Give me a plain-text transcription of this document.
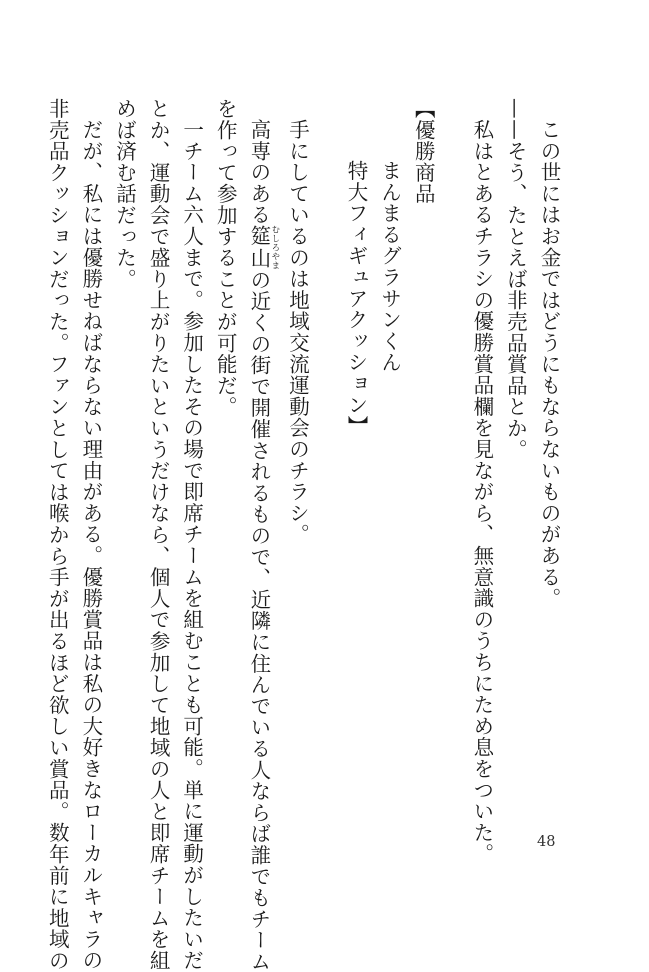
この世にはお金ではどうにもならないものがある。
——そう、たとえば非売品賞品とか。
私はとあるチラシの優勝賞品欄を見ながら、無意識のうちにため息をついた。
【優勝商品
まんまるグラサンくん
特大フィギュアクッション】
手にしているのは地域交流運動会のチラシ。
高専のある筵山 むしろやまの近くの街で開催されるもので、近隣に住んでいる人ならば誰でもチーム
を作って参加することが可能だ。
一チーム六人まで。参加したその場で即席チームを組むことも可能。単に運動がしたいだ
とか、運動会で盛り上がりたいというだけなら、個人で参加して地域の人と即席チームを組
めば済む話だった。
だが、私には優勝せねばならない理由がある。優勝賞品は私の大好きなローカルキャラの
非売品クッションだった。ファンとしては喉から手が出るほど欲しい賞品。数年前に地域の	48
